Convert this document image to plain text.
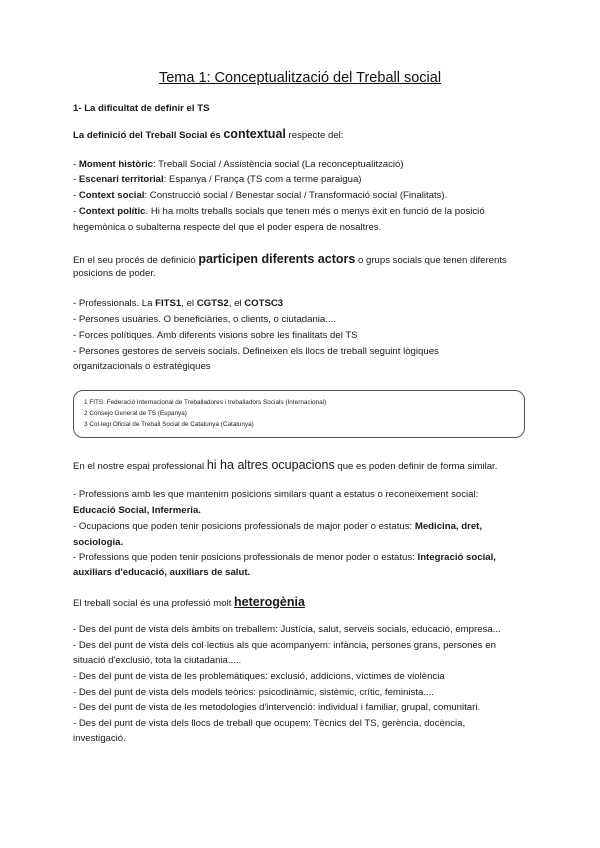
Tema 1: Conceptualització del Treball social
1- La dificultat de definir el TS
La definició del Treball Social és contextual respecte del:
- Moment històric: Treball Social / Assistència social (La reconceptualització)
- Escenari territorial: Espanya / França (TS com a terme paraigua)
- Context social: Construcció social / Benestar social / Transformació social (Finalitats).
- Context polític. Hi ha molts treballs socials que tenen més o menys èxit en funció de la posició
hegemònica o subalterna respecte del que el poder espera de nosaltres.
En el seu procés de definició participen diferents actors o grups socials que tenen diferents
posicions de poder.
- Professionals. La FITS1, el CGTS2, el COTSC3
- Persones usuàries. O beneficiàries, o clients, o ciutadania....
- Forces polítiques. Amb diferents visions sobre les finalitats del TS
- Persones gestores de serveis socials. Defineixen els llocs de treball seguint lògiques
organitzacionals o estratègiques
1 FITS: Federació Internacional de Treballadores i treballadors Socials (Internacional)
2 Consejo General de TS (Espanya)
3 Col·legi Oficial de Treball Social de Catalunya (Catalunya)
En el nostre espai professional hi ha altres ocupacions que es poden definir de forma similar.
- Professions amb les que mantenim posicions similars quant a estatus o reconeixement social:
Educació Social, Infermeria.
- Ocupacions que poden tenir posicions professionals de major poder o estatus: Medicina, dret,
sociologia.
- Professions que poden tenir posicions professionals de menor poder o estatus: Integració social,
auxiliars d'educació, auxiliars de salut.
El treball social és una professió molt heterogènia
- Des del punt de vista dels àmbits on treballem: Justícia, salut, serveis socials, educació, empresa...
- Des del punt de vista dels col·lectius als que acompanyem: infància, persones grans, persones en
situació d'exclusió, tota la ciutadania.....
- Des del punt de vista de les problemàtiques: exclusió, addicions, víctimes de violència
- Des del punt de vista dels models teòrics: psicodinàmic, sistèmic, crític, feminista....
- Des del punt de vista de les metodologies d'intervenció: individual i familiar, grupal, comunitari.
- Des del punt de vista dels llocs de treball que ocupem: Tècnics del TS, gerència, docència,
investigació.
